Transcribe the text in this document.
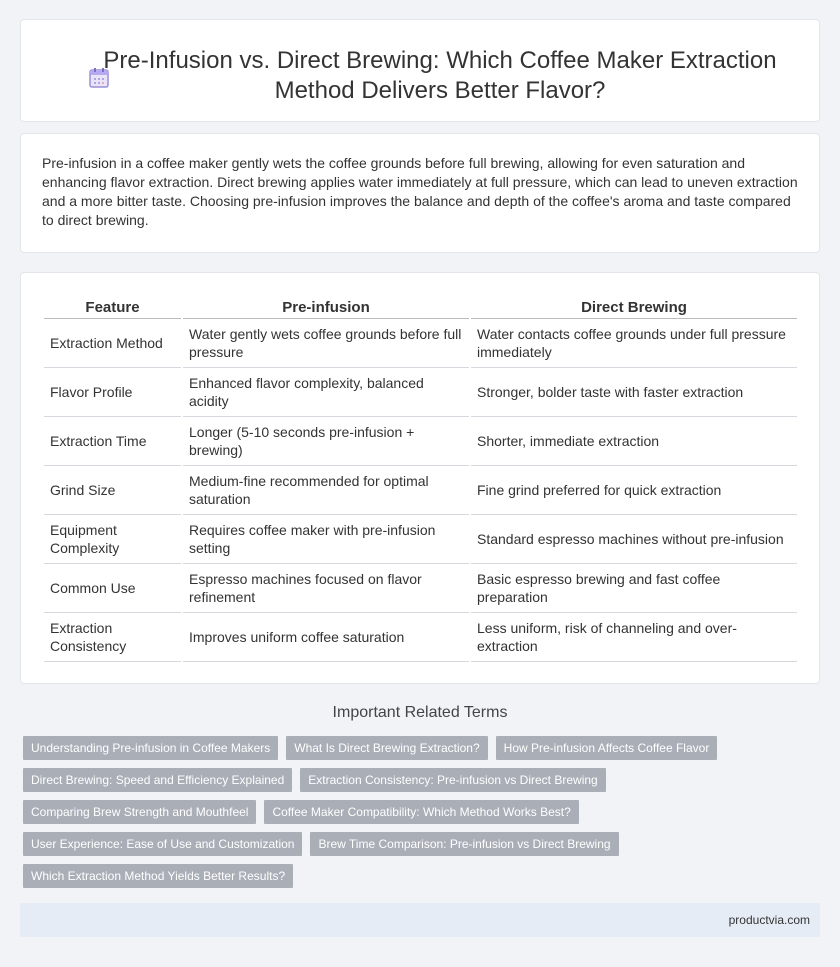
Pre-Infusion vs. Direct Brewing: Which Coffee Maker Extraction Method Delivers Better Flavor?

Pre-infusion in a coffee maker gently wets the coffee grounds before full brewing, allowing for even saturation and enhancing flavor extraction. Direct brewing applies water immediately at full pressure, which can lead to uneven extraction and a more bitter taste. Choosing pre-infusion improves the balance and depth of the coffee's aroma and taste compared to direct brewing.

Feature	Pre-infusion	Direct Brewing
Extraction Method	Water gently wets coffee grounds before full pressure	Water contacts coffee grounds under full pressure immediately
Flavor Profile	Enhanced flavor complexity, balanced acidity	Stronger, bolder taste with faster extraction
Extraction Time	Longer (5-10 seconds pre-infusion + brewing)	Shorter, immediate extraction
Grind Size	Medium-fine recommended for optimal saturation	Fine grind preferred for quick extraction
Equipment Complexity	Requires coffee maker with pre-infusion setting	Standard espresso machines without pre-infusion
Common Use	Espresso machines focused on flavor refinement	Basic espresso brewing and fast coffee preparation
Extraction Consistency	Improves uniform coffee saturation	Less uniform, risk of channeling and over-extraction
Important Related Terms
Understanding Pre-infusion in Coffee Makers	What Is Direct Brewing Extraction?	How Pre-infusion Affects Coffee Flavor
Direct Brewing: Speed and Efficiency Explained	Extraction Consistency: Pre-infusion vs Direct Brewing
Comparing Brew Strength and Mouthfeel	Coffee Maker Compatibility: Which Method Works Best?
User Experience: Ease of Use and Customization	Brew Time Comparison: Pre-infusion vs Direct Brewing
Which Extraction Method Yields Better Results?
productvia.com
